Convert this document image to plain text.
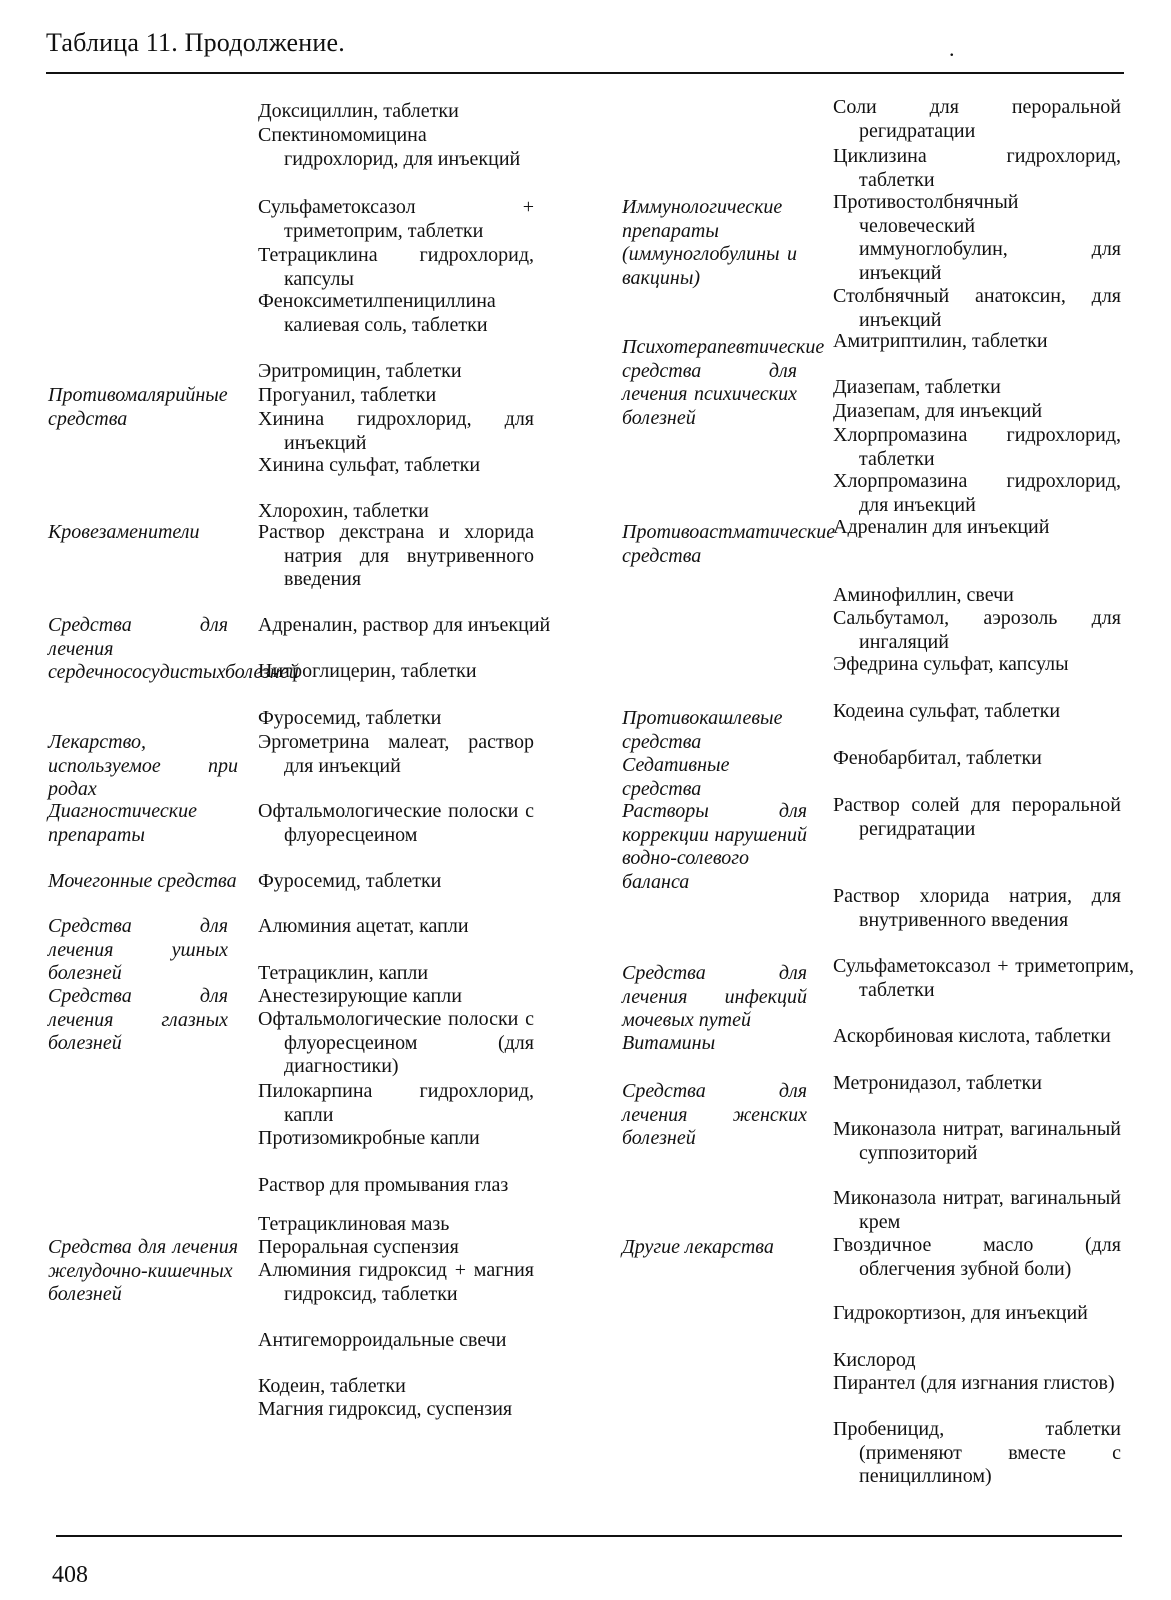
Таблица 11. Продолжение.	.
Противомалярийные средства
Кровезаменители
Средства для лечения сердечнососудистыхболезней
Лекарство, используемое при родах
Диагностические препараты
Мочегонные средства
Средства для лечения ушных болезней
Средства для лечения глазных болезней
Средства для лечения желудочно-кишечных болезней
Доксициллин, таблетки
Спектиномомицина гидрохлорид, для инъекций
Сульфаметоксазол + триметоприм, таблетки
Тетрациклина гидрохлорид, капсулы
Феноксиметилпенициллина калиевая соль, таблетки
Эритромицин, таблетки
Прогуанил, таблетки
Хинина гидрохлорид, для инъекций
Хинина сульфат, таблетки
Хлорохин, таблетки
Раствор декстрана и хлорида натрия для внутривенного введения
Адреналин, раствор для инъекций
Нитроглицерин, таблетки
Фуросемид, таблетки
Эргометрина малеат, раствор для инъекций
Офтальмологические полоски с флуоресцеином
Фуросемид, таблетки
Алюминия ацетат, капли
Тетрациклин, капли
Анестезирующие капли
Офтальмологические полоски с флуоресцеином (для диагностики)
Пилокарпина гидрохлорид, капли
Протизомикробные капли
Раствор для промывания глаз
Тетрациклиновая мазь
Пероральная суспензия
Алюминия гидроксид + магния гидроксид, таблетки
Антигеморроидальные свечи
Кодеин, таблетки
Магния гидроксид, суспензия
Иммунологические препараты (иммуноглобулины и вакцины)
Психотерапевтические средства для лечения психических болезней
Противоастматические средства
Противокашлевые средства
Седативные средства
Растворы для коррекции нарушений водно-солевого баланса
Средства для лечения инфекций мочевых путей
Витамины
Средства для лечения женских болезней
Другие лекарства
Соли для пероральной регидратации
Циклизина гидрохлорид, таблетки
Противостолбнячный человеческий иммуноглобулин, для инъекций
Столбнячный анатоксин, для инъекций
Амитриптилин, таблетки
Диазепам, таблетки
Диазепам, для инъекций
Хлорпромазина гидрохлорид, таблетки
Хлорпромазина гидрохлорид, для инъекций
Адреналин для инъекций
Аминофиллин, свечи
Сальбутамол, аэрозоль для ингаляций
Эфедрина сульфат, капсулы
Кодеина сульфат, таблетки
Фенобарбитал, таблетки
Раствор солей для пероральной регидратации
Раствор хлорида натрия, для внутривенного введения
Сульфаметоксазол + триметоприм, таблетки
Аскорбиновая кислота, таблетки
Метронидазол, таблетки
Миконазола нитрат, вагинальный суппозиторий
Миконазола нитрат, вагинальный крем
Гвоздичное масло (для облегчения зубной боли)
Гидрокортизон, для инъекций
Кислород
Пирантел (для изгнания глистов)
Пробеницид, таблетки (применяют вместе с пенициллином)
408
